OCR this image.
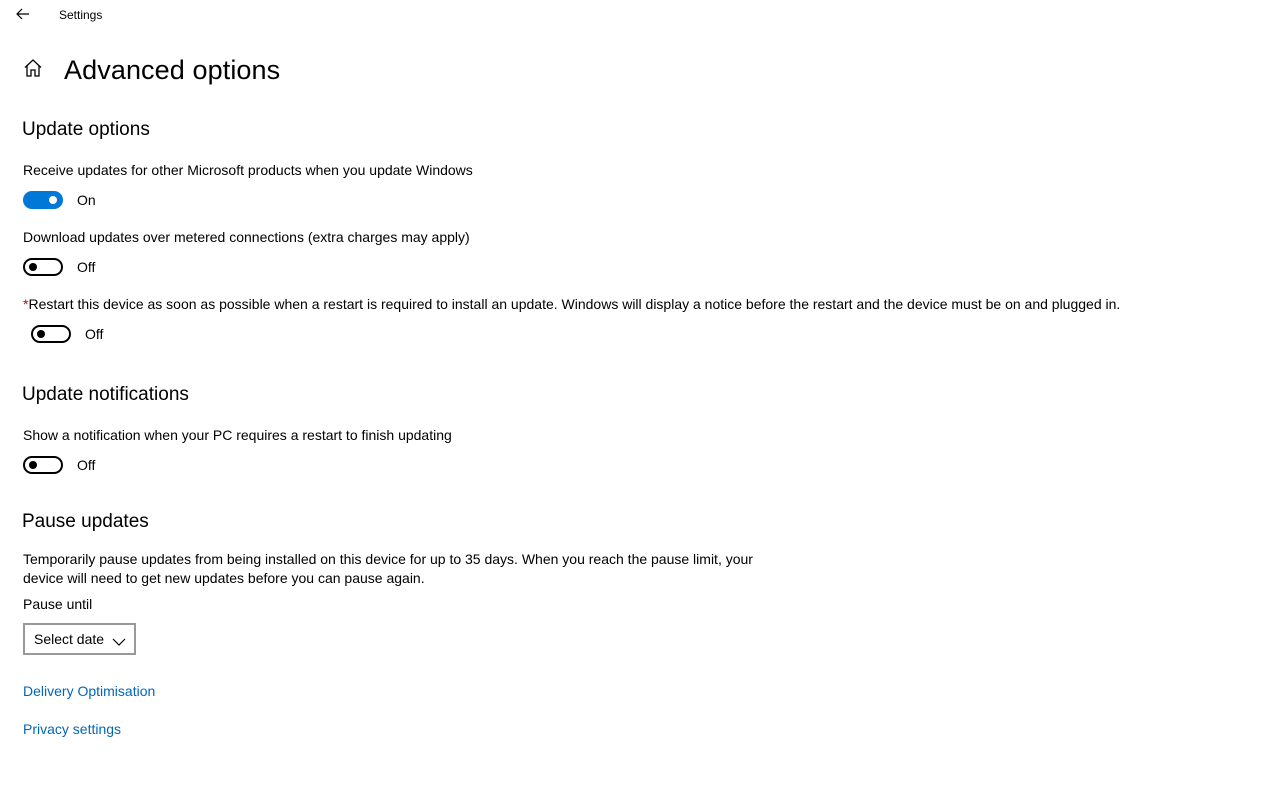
Settings
Advanced options
Update options
Receive updates for other Microsoft products when you update Windows
On
Download updates over metered connections (extra charges may apply)
Off
*Restart this device as soon as possible when a restart is required to install an update. Windows will display a notice before the restart and the device must be on and plugged in.
Off
Update notifications
Show a notification when your PC requires a restart to finish updating
Off
Pause updates
Temporarily pause updates from being installed on this device for up to 35 days. When you reach the pause limit, your
device will need to get new updates before you can pause again.
Pause until
Select date
Delivery Optimisation
Privacy settings
